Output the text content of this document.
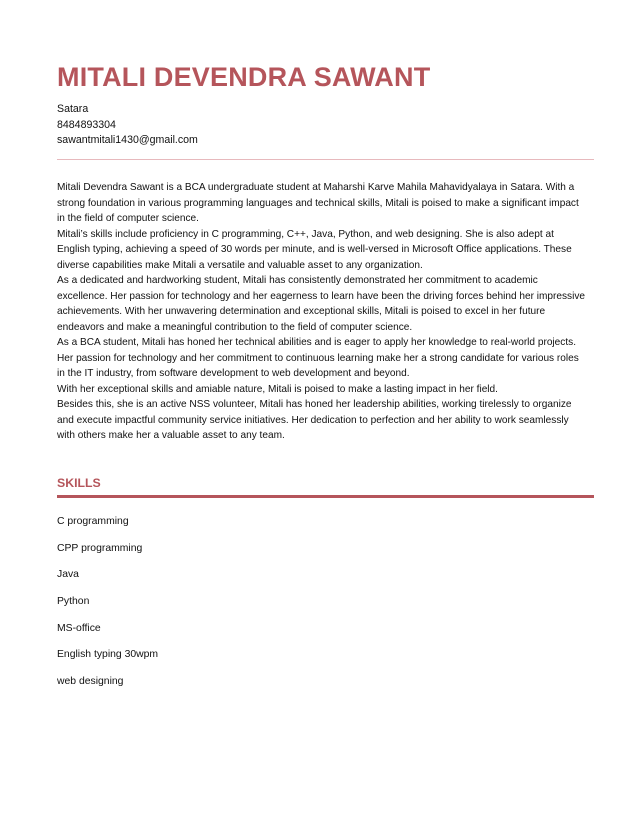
MITALI DEVENDRA SAWANT
Satara
8484893304
sawantmitali1430@gmail.com

Mitali Devendra Sawant is a BCA undergraduate student at Maharshi Karve Mahila Mahavidyalaya in Satara. With a strong foundation in various programming languages and technical skills, Mitali is poised to make a significant impact in the field of computer science.

Mitali’s skills include proficiency in C programming, C++, Java, Python, and web designing. She is also adept at English typing, achieving a speed of 30 words per minute, and is well-versed in Microsoft Office applications. These diverse capabilities make Mitali a versatile and valuable asset to any organization.

As a dedicated and hardworking student, Mitali has consistently demonstrated her commitment to academic excellence. Her passion for technology and her eagerness to learn have been the driving forces behind her impressive achievements. With her unwavering determination and exceptional skills, Mitali is poised to excel in her future endeavors and make a meaningful contribution to the field of computer science.

As a BCA student, Mitali has honed her technical abilities and is eager to apply her knowledge to real-world projects. Her passion for technology and her commitment to continuous learning make her a strong candidate for various roles in the IT industry, from software development to web development and beyond.

With her exceptional skills and amiable nature, Mitali is poised to make a lasting impact in her field.

Besides this, she is an active NSS volunteer, Mitali has honed her leadership abilities, working tirelessly to organize and execute impactful community service initiatives. Her dedication to perfection and her ability to work seamlessly with others make her a valuable asset to any team.

SKILLS
C programming
CPP programming
Java
Python
MS-office
English typing 30wpm
web designing
